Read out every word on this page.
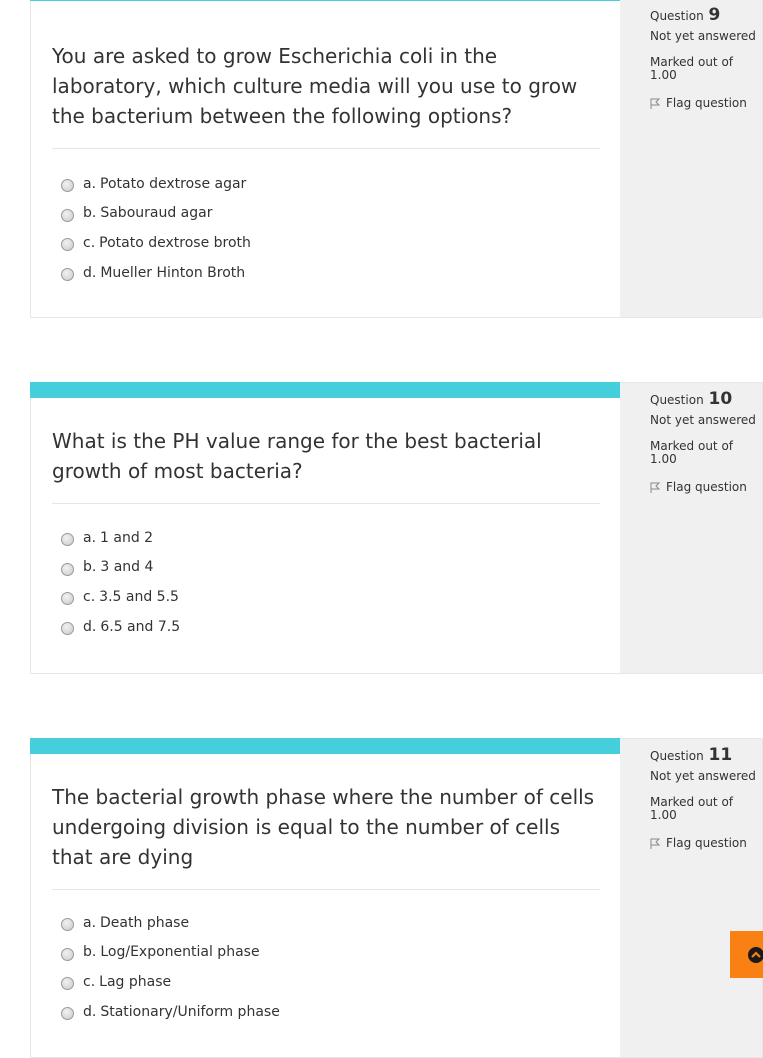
You are asked to grow Escherichia coli in the laboratory, which culture media will you use to grow the bacterium between the following options?
a. Potato dextrose agar
b. Sabouraud agar
c. Potato dextrose broth
d. Mueller Hinton Broth
Question 9
Not yet answered
Marked out of 1.00
Flag question
What is the PH value range for the best bacterial growth of most bacteria?
a. 1 and 2
b. 3 and 4
c. 3.5 and 5.5
d. 6.5 and 7.5
Question 10
Not yet answered
Marked out of 1.00
Flag question
The bacterial growth phase where the number of cells undergoing division is equal to the number of cells that are dying
a. Death phase
b. Log/Exponential phase
c. Lag phase
d. Stationary/Uniform phase
Question 11
Not yet answered
Marked out of 1.00
Flag question
